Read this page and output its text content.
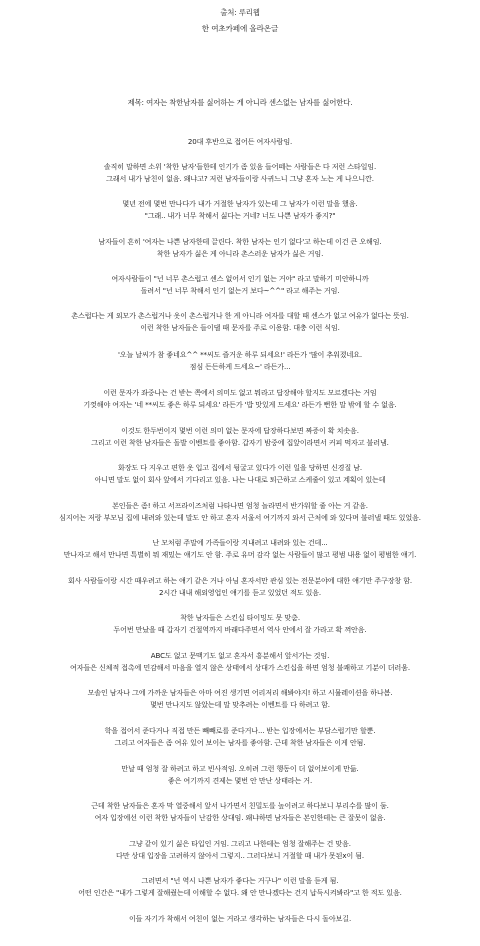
출처: 루리웹
한 여초카페에 올라온글
제목: 여자는 착한남자를 싫어하는 게 아니라 센스없는 남자를 싫어한다.
20대 후반으로 접어든 여자사람임.
솔직히 말하면 소위 '착한 남자'들한테 인기가 좀 있음 들어떼는 사람들은 다 저런 스타일임.
그래서 내가 남친이 없음. 왜냐고? 저런 남자들이랑 사귀느니 그냥 혼자 노는 게 나으니깐.
몇년 전에 몇번 만나다가 내가 거절한 남자가 있는데 그 남자가 이런 말을 했음.
"그래.. 내가 너무 착해서 싫다는 거네? 너도 나쁜 남자가 좋지?"
남자들이 흔히 '여자는 나쁜 남자한테 끌린다. 착한 남자는 인기 없다'고 하는데 이건 큰 오해임.
착한 남자가 싫은 게 아니라 촌스러운 남자가 싫은 거임.
여자사람들이 "넌 너무 촌스럽고 센스 없어서 인기 없는 거야" 라고 말하기 미안하니까
돌려서 "넌 너무 착해서 인기 없는거 보다~^^" 라고 해주는 거임.
촌스럽다는 게 외모가 촌스럽거나 옷이 촌스럽거나 한 게 아니라 여자를 대할 때 센스가 없고 여유가 없다는 뜻임.
이런 착한 남자들은 들이댈 때 문자를 주로 이용함. 대충 이런 식임.
'오늘 날씨가 참 좋네요^^ **씨도 즐거운 하루 되세요!' 라든가 '많이 추워졌네요.
점심 든든하게 드세요~' 라든가...
이런 문자가 좌중나는 건 받는 쪽에서 의미도 없고 뭐라고 답장해야 할지도 모르겠다는 거임
기껏해야 여자는 '네 **씨도 좋은 하루 되세요' 라든가 '밥 맛있게 드세요' 라든가 뻔한 말 밖에 할 수 없음.
이것도 한두번이지 몇번 이런 의미 없는 문자에 답장하다보면 짜증이 확 치솟음.
그리고 이런 착한 남자들은 돌발 이벤트를 좋아함. 갑자기 밤중에 집앞이라면서 커피 먹자고 불러냄.
화장도 다 지우고 편한 옷 입고 집에서 뒹굴고 있다가 이런 일을 당하면 신경질 남.
아니면 말도 없이 회사 앞에서 기다리고 있음. 나는 나대로 퇴근하고 스케줄이 있고 계획이 있는데
본인들은 좀! 하고 서프라이즈처럼 나타나면 엄청 놀라면서 반가워할 줄 아는 거 같음.
심지어는 저랑 부모님 집에 내려와 있는데 말도 안 하고 혼자 서울서 여기까지 와서 근처에 와 있다며 불러낼 때도 있었음.
난 모처럼 주말에 가족들이랑 지내려고 내려와 있는 건데...
만나자고 해서 만나면 특별히 뭐 재밌는 얘기도 안 함. 주로 유머 감각 없는 사람들이 많고 평범 내용 없이 평범한 얘기.
회사 사람들이랑 시간 때우려고 하는 얘기 같은 거나 아님 혼자서만 관심 있는 전문분야에 대한 얘기만 주구장창 함.
2시간 내내 해외영업인 얘기를 듣고 있었던 적도 있음.
착한 남자들은 스킨십 타이밍도 못 맞춤.
두어번 만났을 때 갑자기 건절역까지 바래다주면서 역사 안에서 잘 가라고 확 껴안음.
ABC도 없고 문맥기도 없고 혼자서 흥분해서 앞서가는 것임.
여자들은 신체적 접촉에 민감해서 마음을 열지 않은 상태에서 상대가 스킨십을 하면 엄청 불쾌하고 기분이 더러움.
모솔인 남자나 그에 가까운 남자들은 아마 여진 생기면 어리저리 해봐야지! 하고 시뮬레이션을 하나봄.
몇번 만나지도 않았는데 말 맞추려는 이벤트를 다 하려고 함.
학을 접어서 준다거나 직접 만든 빼빼로를 준다거나... 받는 입장에서는 부담스럽기만 할뿐.
그리고 여자들은 좀 여유 있어 보이는 남자를 좋아함. 근데 착한 남자들은 이게 안됨.
만날 때 엄청 잘 하려고 하고 빈사적임. 오히려 그런 행동이 더 없어보이게 만듦.
좋은 여기까지 견제는 몇번 안 만난 상태라는 거.
근데 착한 남자들은 혼자 막 열중해서 앞서 나가면서 친밀도를 높이려고 하다보니 부리수를 많이 둠.
여자 입장에선 이런 착한 남자들이 난감한 상대임. 왜냐하면 남자들은 본인한테는 큰 잘못이 없음.
그냥 같이 있기 싫은 타입인 거임. 그리고 나한테는 엄청 잘해주는 건 맞음.
다만 상대 입장을 고려하지 않아서 그렇지.. 그러다보니 거절할 때 내가 못된x이 됨.
그러면서 "넌 역시 나쁜 남자가 좋다는 거구나" 이런 말을 듣게 됨.
어떤 인간은 "내가 그렇게 잘해줬는데 이해할 수 없다. 왜 안 만나겠다는 건지 납득시켜봐라"고 한 적도 있음.
이들 자기가 착해서 여친이 없는 거라고 생각하는 남자들은 다시 돌아보길.
